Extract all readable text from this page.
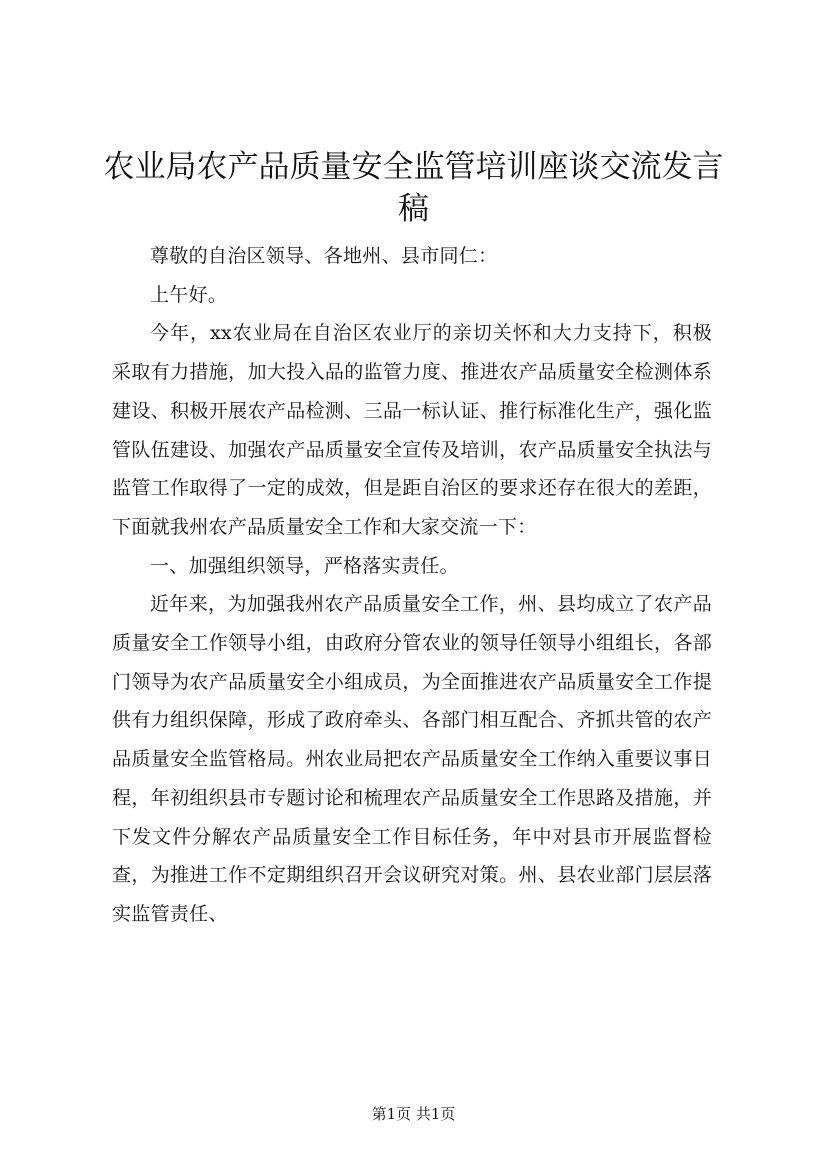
农业局农产品质量安全监管培训座谈交流发言稿

尊敬的自治区领导、各地州、县市同仁：

上午好。

今年，xx农业局在自治区农业厅的亲切关怀和大力支持下，积极采取有力措施，加大投入品的监管力度、推进农产品质量安全检测体系建设、积极开展农产品检测、三品一标认证、推行标准化生产，强化监管队伍建设、加强农产品质量安全宣传及培训，农产品质量安全执法与监管工作取得了一定的成效，但是距自治区的要求还存在很大的差距，下面就我州农产品质量安全工作和大家交流一下：

一、加强组织领导，严格落实责任。

近年来，为加强我州农产品质量安全工作，州、县均成立了农产品质量安全工作领导小组，由政府分管农业的领导任领导小组组长，各部门领导为农产品质量安全小组成员，为全面推进农产品质量安全工作提供有力组织保障，形成了政府牵头、各部门相互配合、齐抓共管的农产品质量安全监管格局。州农业局把农产品质量安全工作纳入重要议事日程，年初组织县市专题讨论和梳理农产品质量安全工作思路及措施，并下发文件分解农产品质量安全工作目标任务，年中对县市开展监督检查，为推进工作不定期组织召开会议研究对策。州、县农业部门层层落实监管责任、

第1页 共1页
